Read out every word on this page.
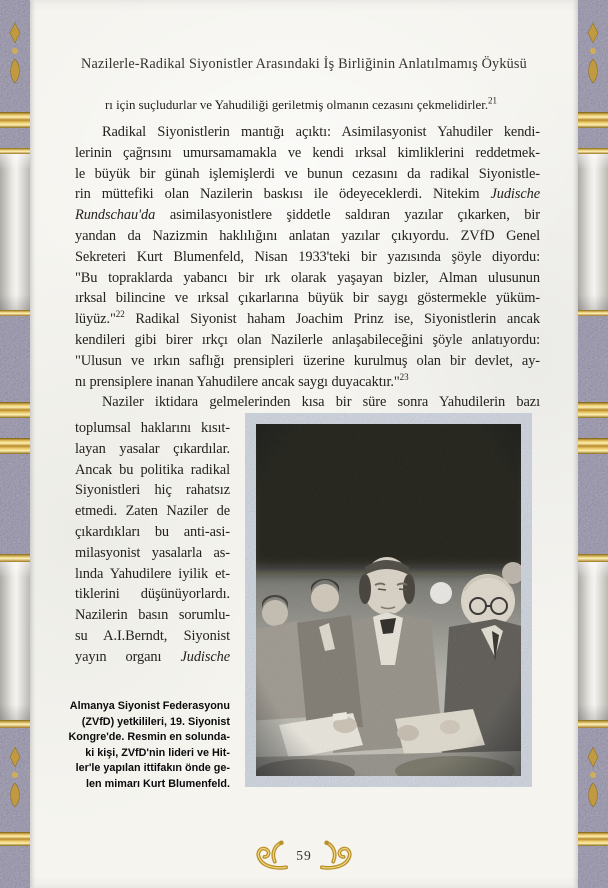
Nazilerle-Radikal Siyonistler Arasındaki İş Birliğinin Anlatılmamış Öyküsü
rı için suçludurlar ve Yahudiliği geriletmiş olmanın cezasını çekmelidirler.$^{21}$
Radikal Siyonistlerin mantığı açıktı: Asimilasyonist Yahudiler kendi-
lerinin çağrısını umursamamakla ve kendi ırksal kimliklerini reddetmek-
le büyük bir günah işlemişlerdi ve bunun cezasını da radikal Siyonistle-
rin müttefiki olan Nazilerin baskısı ile ödeyeceklerdi. Nitekim Judische
Rundschau'da asimilasyonistlere şiddetle saldıran yazılar çıkarken, bir
yandan da Nazizmin haklılığını anlatan yazılar çıkıyordu. ZVfD Genel
Sekreteri Kurt Blumenfeld, Nisan 1933'teki bir yazısında şöyle diyordu:
"Bu topraklarda yabancı bir ırk olarak yaşayan bizler, Alman ulusunun
ırksal bilincine ve ırksal çıkarlarına büyük bir saygı göstermekle yüküm-
lüyüz."$^{22}$ Radikal Siyonist haham Joachim Prinz ise, Siyonistlerin ancak
kendileri gibi birer ırkçı olan Nazilerle anlaşabileceğini şöyle anlatıyordu:
"Ulusun ve ırkın saflığı prensipleri üzerine kurulmuş olan bir devlet, ay-
nı prensiplere inanan Yahudilere ancak saygı duyacaktır."$^{23}$
Naziler iktidara gelmelerinden kısa bir süre sonra Yahudilerin bazı
toplumsal haklarını kısıt-
layan yasalar çıkardılar.
Ancak bu politika radikal
Siyonistleri hiç rahatsız
etmedi. Zaten Naziler de
çıkardıkları bu anti-asi-
milasyonist yasalarla as-
lında Yahudilere iyilik et-
tiklerini düşünüyorlardı.
Nazilerin basın sorumlu-
su A.I.Berndt, Siyonist
yayın organı Judische
Almanya Siyonist Federasyonu
(ZVfD) yetkilileri, 19. Siyonist
Kongre'de. Resmin en solunda-
ki kişi, ZVfD'nin lideri ve Hit-
ler'le yapılan ittifakın önde ge-
len mimarı Kurt Blumenfeld.
59
